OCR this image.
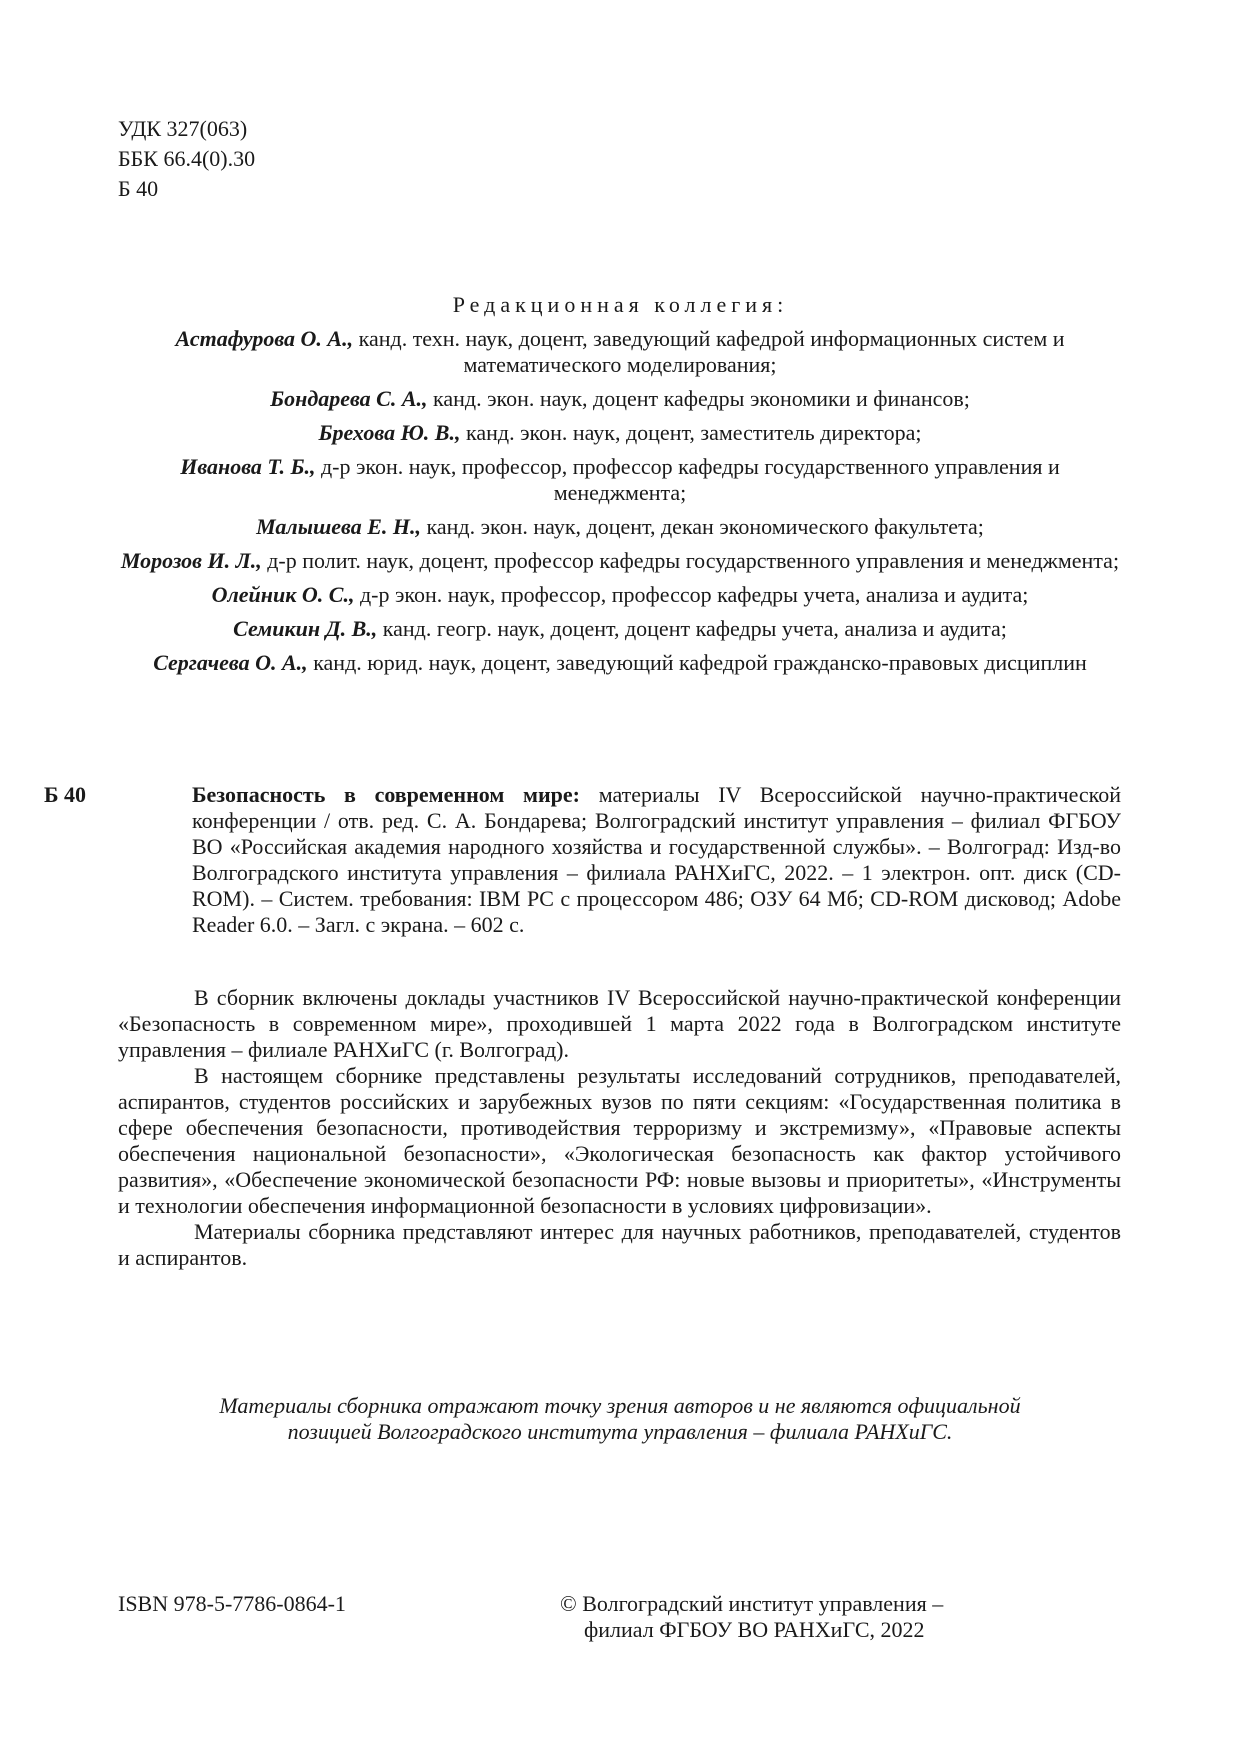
УДК 327(063)
ББК 66.4(0).30
Б 40
Редакционная коллегия:
Астафурова О. А., канд. техн. наук, доцент, заведующий кафедрой информационных систем и математического моделирования;
Бондарева С. А., канд. экон. наук, доцент кафедры экономики и финансов;
Брехова Ю. В., канд. экон. наук, доцент, заместитель директора;
Иванова Т. Б., д-р экон. наук, профессор, профессор кафедры государственного управления и менеджмента;
Малышева Е. Н., канд. экон. наук, доцент, декан экономического факультета;
Морозов И. Л., д-р полит. наук, доцент, профессор кафедры государственного управления и менеджмента;
Олейник О. С., д-р экон. наук, профессор, профессор кафедры учета, анализа и аудита;
Семикин Д. В., канд. геогр. наук, доцент, доцент кафедры учета, анализа и аудита;
Сергачева О. А., канд. юрид. наук, доцент, заведующий кафедрой гражданско-правовых дисциплин
Б 40	Безопасность в современном мире: материалы IV Всероссийской научно-практической конференции / отв. ред. С. А. Бондарева; Волгоградский институт управления – филиал ФГБОУ ВО «Российская академия народного хозяйства и государственной службы». – Волгоград: Изд-во Волгоградского института управления – филиала РАНХиГС, 2022. – 1 электрон. опт. диск (CD-ROM). – Систем. требования: IBM PC с процессором 486; ОЗУ 64 Мб; CD-ROM дисковод; Adobe Reader 6.0. – Загл. с экрана. – 602 с.

В сборник включены доклады участников IV Всероссийской научно-практической конференции «Безопасность в современном мире», проходившей 1 марта 2022 года в Волгоградском институте управления – филиале РАНХиГС (г. Волгоград).

В настоящем сборнике представлены результаты исследований сотрудников, преподавателей, аспирантов, студентов российских и зарубежных вузов по пяти секциям: «Государственная политика в сфере обеспечения безопасности, противодействия терроризму и экстремизму», «Правовые аспекты обеспечения национальной безопасности», «Экологическая безопасность как фактор устойчивого развития», «Обеспечение экономической безопасности РФ: новые вызовы и приоритеты», «Инструменты и технологии обеспечения информационной безопасности в условиях цифровизации».

Материалы сборника представляют интерес для научных работников, преподавателей, студентов и аспирантов.

Материалы сборника отражают точку зрения авторов и не являются официальной
позицией Волгоградского института управления – филиала РАНХиГС.
ISBN 978-5-7786-0864-1	© Волгоградский институт управления –
филиал ФГБОУ ВО РАНХиГС, 2022
